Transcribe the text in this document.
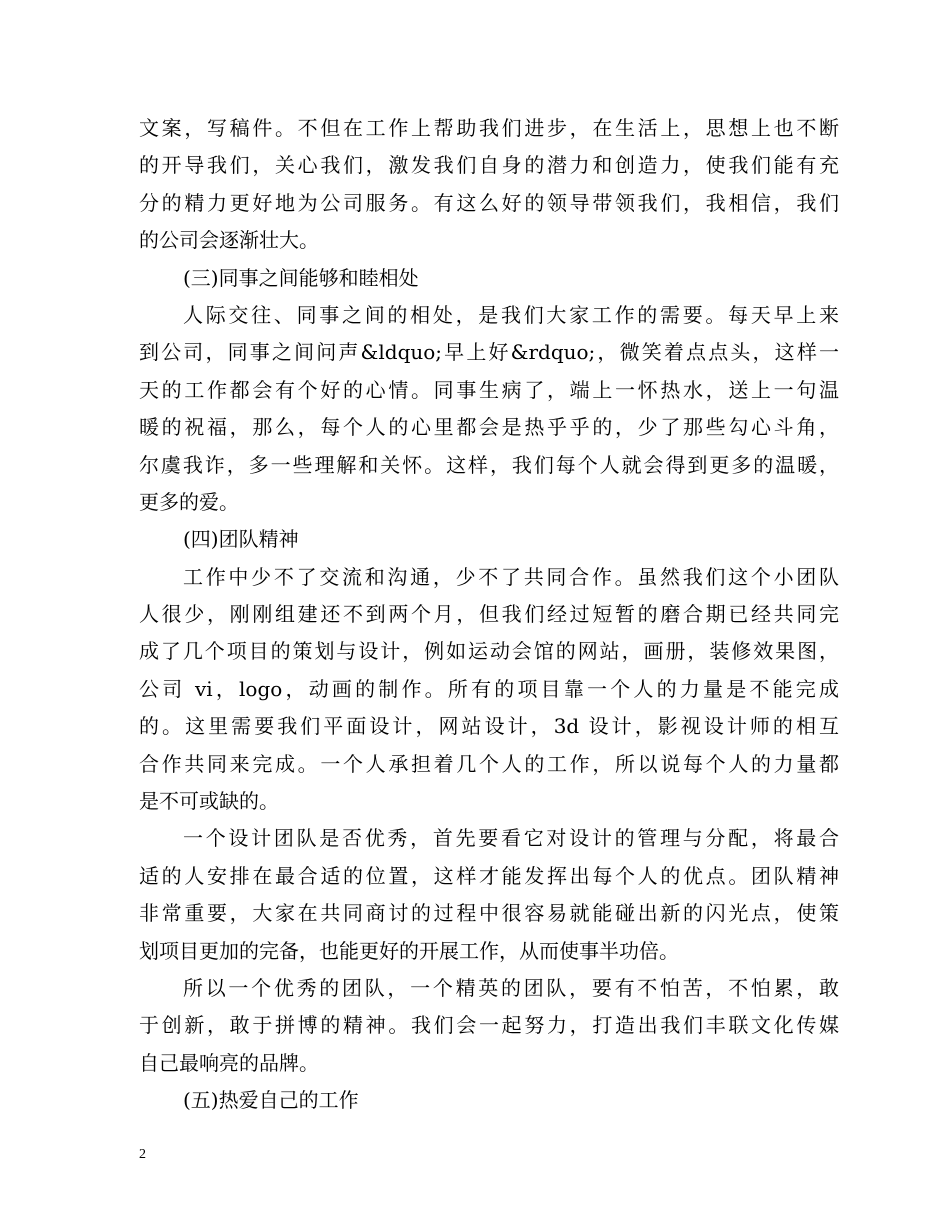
文案，写稿件。不但在工作上帮助我们进步，在生活上，思想上也不断
的开导我们，关心我们，激发我们自身的潜力和创造力，使我们能有充
分的精力更好地为公司服务。有这么好的领导带领我们，我相信，我们
的公司会逐渐壮大。
(三)同事之间能够和睦相处
人际交往、同事之间的相处，是我们大家工作的需要。每天早上来
到公司，同事之间问声&ldquo;早上好&rdquo;，微笑着点点头，这样一
天的工作都会有个好的心情。同事生病了，端上一怀热水，送上一句温
暖的祝福，那么，每个人的心里都会是热乎乎的，少了那些勾心斗角，
尔虞我诈，多一些理解和关怀。这样，我们每个人就会得到更多的温暖，
更多的爱。
(四)团队精神
工作中少不了交流和沟通，少不了共同合作。虽然我们这个小团队
人很少，刚刚组建还不到两个月，但我们经过短暂的磨合期已经共同完
成了几个项目的策划与设计，例如运动会馆的网站，画册，装修效果图，
公司 vi，logo，动画的制作。所有的项目靠一个人的力量是不能完成
的。这里需要我们平面设计，网站设计，3d 设计，影视设计师的相互
合作共同来完成。一个人承担着几个人的工作，所以说每个人的力量都
是不可或缺的。
一个设计团队是否优秀，首先要看它对设计的管理与分配，将最合
适的人安排在最合适的位置，这样才能发挥出每个人的优点。团队精神
非常重要，大家在共同商讨的过程中很容易就能碰出新的闪光点，使策
划项目更加的完备，也能更好的开展工作，从而使事半功倍。
所以一个优秀的团队，一个精英的团队，要有不怕苦，不怕累，敢
于创新，敢于拼博的精神。我们会一起努力，打造出我们丰联文化传媒
自己最响亮的品牌。
(五)热爱自己的工作
2
